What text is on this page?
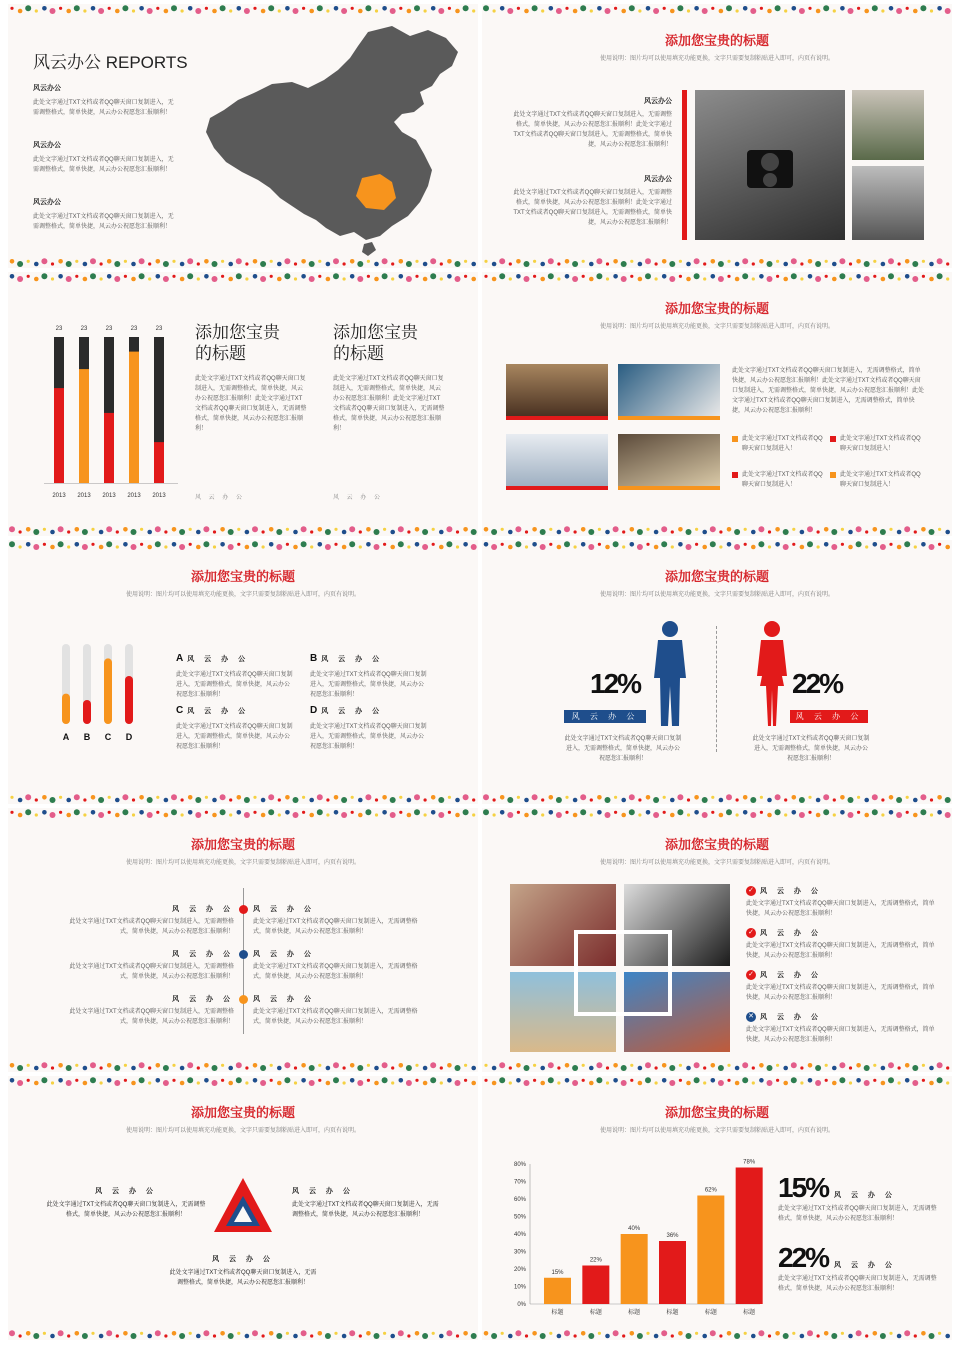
风云办公 REPORTS
风云办公
此处文字通过TXT文档或者QQ聊天窗口复制进入，无需调整格式，简单快捷，风云办公祝愿您汇报顺利！
风云办公
此处文字通过TXT文档或者QQ聊天窗口复制进入，无需调整格式，简单快捷，风云办公祝愿您汇报顺利！
风云办公
此处文字通过TXT文档或者QQ聊天窗口复制进入，无需调整格式，简单快捷，风云办公祝愿您汇报顺利！
添加您宝贵的标题
使用说明：图片均可以使用填充功能更换，文字只需要复制粘贴进入即可，内页有说明。
风云办公
此处文字通过TXT文档或者QQ聊天窗口复制进入，无需调整格式，简单快捷，风云办公祝愿您汇报顺利！此处文字通过TXT文档或者QQ聊天窗口复制进入，无需调整格式，简单快捷，风云办公祝愿您汇报顺利！
风云办公
此处文字通过TXT文档或者QQ聊天窗口复制进入，无需调整格式，简单快捷，风云办公祝愿您汇报顺利！此处文字通过TXT文档或者QQ聊天窗口复制进入，无需调整格式，简单快捷，风云办公祝愿您汇报顺利！
23
2013
23
2013
23
2013
23
2013
23
2013
添加您宝贵的标题
此处文字通过TXT文档或者QQ聊天窗口复制进入，无需调整格式，简单快捷，风云办公祝愿您汇报顺利！此处文字通过TXT文档或者QQ聊天窗口复制进入，无需调整格式，简单快捷，风云办公祝愿您汇报顺利！
风 云 办 公
添加您宝贵的标题
此处文字通过TXT文档或者QQ聊天窗口复制进入，无需调整格式，简单快捷，风云办公祝愿您汇报顺利！此处文字通过TXT文档或者QQ聊天窗口复制进入，无需调整格式，简单快捷，风云办公祝愿您汇报顺利！
风 云 办 公
添加您宝贵的标题
使用说明：图片均可以使用填充功能更换，文字只需要复制粘贴进入即可，内页有说明。
此处文字通过TXT文档或者QQ聊天窗口复制进入，无需调整格式，简单快捷，风云办公祝愿您汇报顺利！此处文字通过TXT文档或者QQ聊天窗口复制进入，无需调整格式，简单快捷，风云办公祝愿您汇报顺利！此处文字通过TXT文档或者QQ聊天窗口复制进入，无需调整格式，简单快捷，风云办公祝愿您汇报顺利！
此处文字通过TXT文档或者QQ聊天窗口复制进入！
此处文字通过TXT文档或者QQ聊天窗口复制进入！
此处文字通过TXT文档或者QQ聊天窗口复制进入！
此处文字通过TXT文档或者QQ聊天窗口复制进入！
添加您宝贵的标题
使用说明：图片均可以使用填充功能更换，文字只需要复制粘贴进入即可，内页有说明。
A B C D
A 风 云 办 公
此处文字通过TXT文档或者QQ聊天窗口复制进入，无需调整格式，简单快捷，风云办公祝愿您汇报顺利！
B 风 云 办 公
此处文字通过TXT文档或者QQ聊天窗口复制进入，无需调整格式，简单快捷，风云办公祝愿您汇报顺利！
C 风 云 办 公
此处文字通过TXT文档或者QQ聊天窗口复制进入，无需调整格式，简单快捷，风云办公祝愿您汇报顺利！
D 风 云 办 公
此处文字通过TXT文档或者QQ聊天窗口复制进入，无需调整格式，简单快捷，风云办公祝愿您汇报顺利！
添加您宝贵的标题
使用说明：图片均可以使用填充功能更换，文字只需要复制粘贴进入即可，内页有说明。
12%
风 云 办 公
此处文字通过TXT文档或者QQ聊天窗口复制进入，无需调整格式，简单快捷，风云办公祝愿您汇报顺利！
22%
风 云 办 公
此处文字通过TXT文档或者QQ聊天窗口复制进入，无需调整格式，简单快捷，风云办公祝愿您汇报顺利！
添加您宝贵的标题
使用说明：图片均可以使用填充功能更换，文字只需要复制粘贴进入即可，内页有说明。
风 云 办 公
此处文字通过TXT文档或者QQ聊天窗口复制进入，无需调整格式，简单快捷，风云办公祝愿您汇报顺利！
风 云 办 公
此处文字通过TXT文档或者QQ聊天窗口复制进入，无需调整格式，简单快捷，风云办公祝愿您汇报顺利！
风 云 办 公
此处文字通过TXT文档或者QQ聊天窗口复制进入，无需调整格式，简单快捷，风云办公祝愿您汇报顺利！
风 云 办 公
此处文字通过TXT文档或者QQ聊天窗口复制进入，无需调整格式，简单快捷，风云办公祝愿您汇报顺利！
风 云 办 公
此处文字通过TXT文档或者QQ聊天窗口复制进入，无需调整格式，简单快捷，风云办公祝愿您汇报顺利！
风 云 办 公
此处文字通过TXT文档或者QQ聊天窗口复制进入，无需调整格式，简单快捷，风云办公祝愿您汇报顺利！
添加您宝贵的标题
使用说明：图片均可以使用填充功能更换，文字只需要复制粘贴进入即可，内页有说明。
✓ 风 云 办 公
此处文字通过TXT文档或者QQ聊天窗口复制进入，无需调整格式，简单快捷，风云办公祝愿您汇报顺利！
✓ 风 云 办 公
此处文字通过TXT文档或者QQ聊天窗口复制进入，无需调整格式，简单快捷，风云办公祝愿您汇报顺利！
✓ 风 云 办 公
此处文字通过TXT文档或者QQ聊天窗口复制进入，无需调整格式，简单快捷，风云办公祝愿您汇报顺利！
✕ 风 云 办 公
此处文字通过TXT文档或者QQ聊天窗口复制进入，无需调整格式，简单快捷，风云办公祝愿您汇报顺利！
添加您宝贵的标题
使用说明：图片均可以使用填充功能更换，文字只需要复制粘贴进入即可，内页有说明。
风 云 办 公
此处文字通过TXT文档或者QQ聊天窗口复制进入，无需调整格式，简单快捷，风云办公祝愿您汇报顺利！
风 云 办 公
此处文字通过TXT文档或者QQ聊天窗口复制进入，无需调整格式，简单快捷，风云办公祝愿您汇报顺利！
风 云 办 公
此处文字通过TXT文档或者QQ聊天窗口复制进入，无需调整格式，简单快捷，风云办公祝愿您汇报顺利！
添加您宝贵的标题
使用说明：图片均可以使用填充功能更换，文字只需要复制粘贴进入即可，内页有说明。
0%
10%
20%
30%
40%
50%
60%
70%
80%
15%
标题
22%
标题
40%
标题
36%
标题
62%
标题
78%
标题
15% 风 云 办 公
此处文字通过TXT文档或者QQ聊天窗口复制进入，无需调整格式，简单快捷，风云办公祝愿您汇报顺利！
22% 风 云 办 公
此处文字通过TXT文档或者QQ聊天窗口复制进入，无需调整格式，简单快捷，风云办公祝愿您汇报顺利！
